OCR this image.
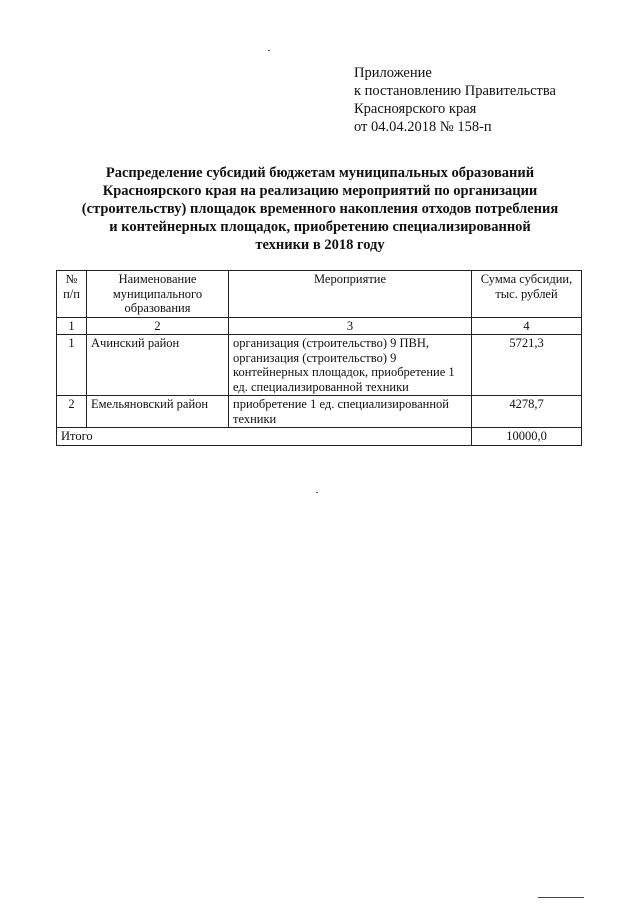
Приложение
к постановлению Правительства
Красноярского края
от 04.04.2018 № 158-п
Распределение субсидий бюджетам муниципальных образований
Красноярского края на реализацию мероприятий по организации
(строительству) площадок временного накопления отходов потребления
и контейнерных площадок, приобретению специализированной
техники в 2018 году
№ п/п	Наименование муниципального образования	Мероприятие	Сумма субсидии, тыс. рублей
1	2	3	4
1	Ачинский район	организация (строительство) 9 ПВН, организация (строительство) 9 контейнерных площадок, приобретение 1 ед. специализированной техники	5721,3
2	Емельяновский район	приобретение 1 ед. специализированной техники	4278,7
Итого			10000,0
